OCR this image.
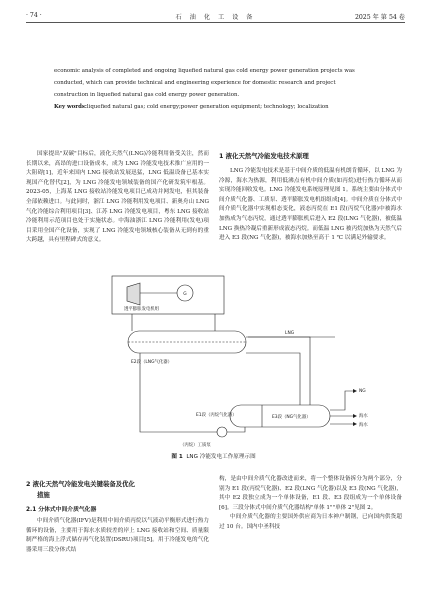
· 74 ·	石 油 化 工 设 备	2025 年 第 54 卷
economic analysis of completed and ongoing liquefied natural gas cold energy power generation projects was
conducted, which can provide technical and engineering experience for domestic research and project
construction in liquefied natural gas cold energy power generation.
Key words:liquefied natural gas; cold energy;power generation equipment; technology; localization

国家提出"双碳"目标后，液化天然气(LNG)冷能利用备受关注，然而长期以来，高昂的进口设备成本，成为 LNG 冷能发电技术推广应用的一大阻碍[1]，近年来国内 LNG 接收站发展迅猛，LNG 低温设备已基本实现国产化替代[2]，为 LNG 冷能发电领域装备的国产化研发筑牢根基。2023-05，上海某 LNG 接收站冷能发电项目已成功并网发电，但其装备全部依赖进口。与此同时，浙江 LNG 冷能利用发电项目、新奥舟山 LNG 气化冷能综合利用项目[3]、江苏 LNG 冷能发电项目，粤东 LNG 接收站冷能利用示范项目也处于实施状态。中海油浙江 LNG 冷能利用(发电)项目采用全国产化设备，实现了 LNG 冷能发电领域核心装备从无到有的重大跨越，具有里程碑式的意义。

1 液化天然气冷能发电技术原理

LNG 冷能发电技术是基于中间介质的低温有机朗肯循环，以 LNG 为冷源，海水为热源，利用低沸点有机中间介质(如丙烷)进行热力循环从而实现冷能回收发电。LNG 冷能发电系统原理见图 1。系统主要由分体式中间介质气化器、工质泵、透平膨胀发电机组组成[4]。中间介质在分体式中间介质气化器中实现相态变化，液态丙烷在 E1 段(丙烷气化器)中被海水加热成为气态丙烷，通过透平膨胀机后进入 E2 段(LNG 气化器)，被低温 LNG 换热冷凝后重新形成液态丙烷。而低温 LNG 被丙烷加热为天然气后进入 E3 段(NG 气化器)，被海水加热至高于 1 ℃ 以满足外输要求。

G
透平膨胀发电机组
E2段（LNG气化器）
LNG
NG
海水
海水
E1段（丙烷气化器）	E3段（NG气化器）
（丙烷）工质泵
图 1 LNG 冷能发电工作原理示图
2 液化天然气冷能发电关键装备及优化
措施
2.1 分体式中间介质气化器

中间介质气化器(IFV)是利用中间介质丙烷以气液动平衡形式进行热力循环的设备，主要用于海水水质较差的岸上 LNG 接收站和空间、质量限制严格的海上浮式储存再气化装置(DSRU)项目[5]。用于冷能发电的气化器采用三段分体式结

构，是由中间介质气化器改进而来，将一个整体设备拆分为两个部分，分别为 E1 段(丙烷气化器)、E2 段(LNG 气化器)以及 E3 段(NG 气化器)，其中 E2 段独立成为一个单体设备，E1 段、E3 段组成为一个单体设备[6]。三段分体式中间介质气化器结构"单体 1""单体 2"见图 2。

中间介质气化器的主要国外供应商为日本神户制钢，已向国内供货超过 10 台。国内中圣科技
